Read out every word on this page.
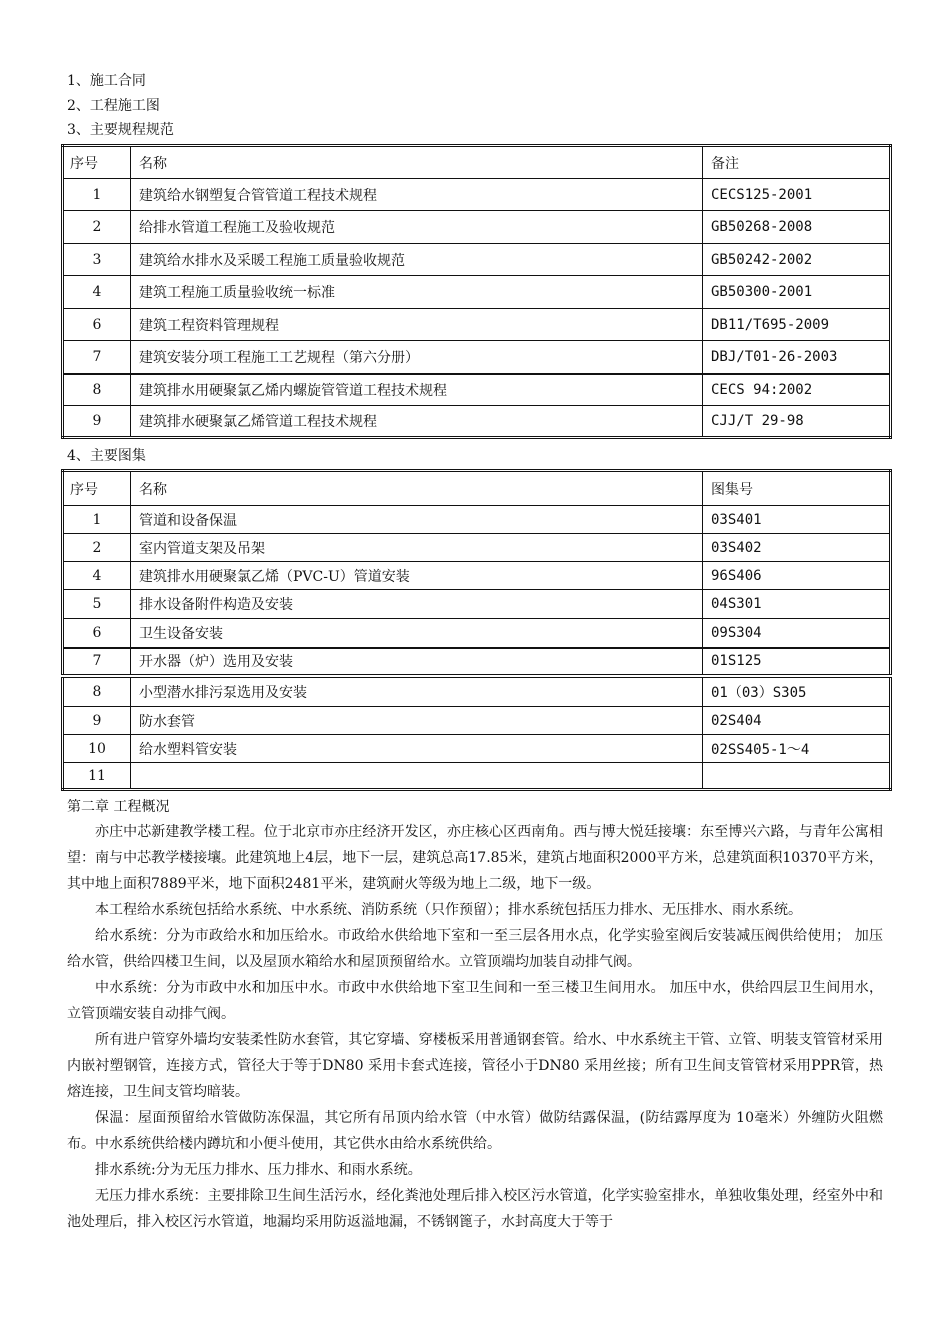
1、施工合同
2、工程施工图
3、主要规程规范
序号	名称	备注
1	建筑给水钢塑复合管管道工程技术规程	CECS125-2001
2	给排水管道工程施工及验收规范	GB50268-2008
3	建筑给水排水及采暖工程施工质量验收规范	GB50242-2002
4	建筑工程施工质量验收统一标准	GB50300-2001
6	建筑工程资料管理规程	DB11/T695-2009
7	建筑安装分项工程施工工艺规程（第六分册）	DBJ/T01-26-2003
8	建筑排水用硬聚氯乙烯内螺旋管管道工程技术规程	CECS 94:2002
9	建筑排水硬聚氯乙烯管道工程技术规程	CJJ/T 29-98
4、主要图集
序号	名称	图集号
1	管道和设备保温	03S401
2	室内管道支架及吊架	03S402
4	建筑排水用硬聚氯乙烯（PVC-U）管道安装	96S406
5	排水设备附件构造及安装	04S301
6	卫生设备安装	09S304
7	开水器（炉）选用及安装	01S125
8	小型潜水排污泵选用及安装	01（03）S305
9	防水套管	02S404
10	给水塑料管安装	02SS405-1～4
11		
第二章 工程概况

亦庄中芯新建教学楼工程。位于北京市亦庄经济开发区，亦庄核心区西南角。西与博大悦廷接壤：东至博兴六路，与青年公寓相望：南与中芯教学楼接壤。此建筑地上4层，地下一层，建筑总高17.85米，建筑占地面积2000平方米，总建筑面积10370平方米，其中地上面积7889平米，地下面积2481平米，建筑耐火等级为地上二级，地下一级。

本工程给水系统包括给水系统、中水系统、消防系统（只作预留）；排水系统包括压力排水、无压排水、雨水系统。

给水系统：分为市政给水和加压给水。市政给水供给地下室和一至三层各用水点，化学实验室阀后安装减压阀供给使用； 加压给水管，供给四楼卫生间，以及屋顶水箱给水和屋顶预留给水。立管顶端均加装自动排气阀。

中水系统：分为市政中水和加压中水。市政中水供给地下室卫生间和一至三楼卫生间用水。 加压中水，供给四层卫生间用水，立管顶端安装自动排气阀。

所有进户管穿外墙均安装柔性防水套管，其它穿墙、穿楼板采用普通钢套管。给水、中水系统主干管、立管、明装支管管材采用内嵌衬塑钢管，连接方式，管径大于等于DN80 采用卡套式连接，管径小于DN80 采用丝接；所有卫生间支管管材采用PPR管，热熔连接，卫生间支管均暗装。

保温：屋面预留给水管做防冻保温，其它所有吊顶内给水管（中水管）做防结露保温，(防结露厚度为 10毫米）外缠防火阻燃布。中水系统供给楼内蹲坑和小便斗使用，其它供水由给水系统供给。

排水系统:分为无压力排水、压力排水、和雨水系统。

无压力排水系统：主要排除卫生间生活污水，经化粪池处理后排入校区污水管道，化学实验室排水，单独收集处理，经室外中和池处理后，排入校区污水管道，地漏均采用防返溢地漏，不锈钢篦子，水封高度大于等于
